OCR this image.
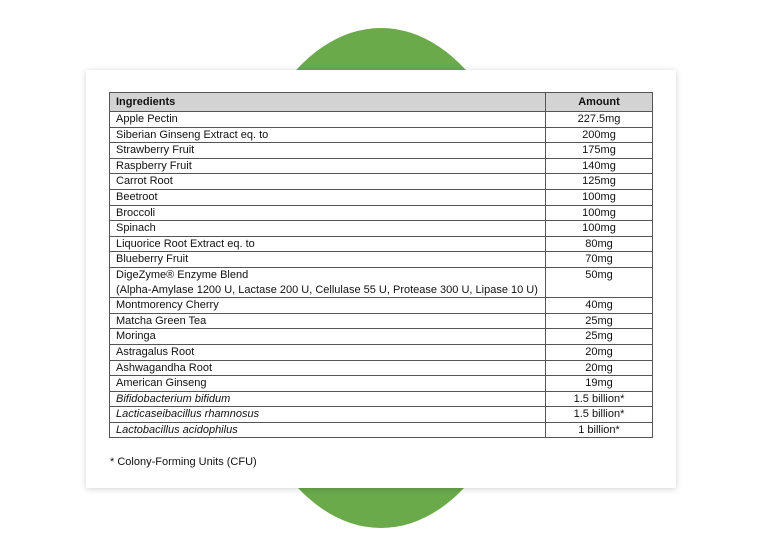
Ingredients	Amount
Apple Pectin	227.5mg
Siberian Ginseng Extract eq. to	200mg
Strawberry Fruit	175mg
Raspberry Fruit	140mg
Carrot Root	125mg
Beetroot	100mg
Broccoli	100mg
Spinach	100mg
Liquorice Root Extract eq. to	80mg
Blueberry Fruit	70mg
DigeZyme® Enzyme Blend
(Alpha-Amylase 1200 U, Lactase 200 U, Cellulase 55 U, Protease 300 U, Lipase 10 U)	50mg
Montmorency Cherry	40mg
Matcha Green Tea	25mg
Moringa	25mg
Astragalus Root	20mg
Ashwagandha Root	20mg
American Ginseng	19mg
Bifidobacterium bifidum	1.5 billion*
Lacticaseibacillus rhamnosus	1.5 billion*
Lactobacillus acidophilus	1 billion*
* Colony-Forming Units (CFU)
